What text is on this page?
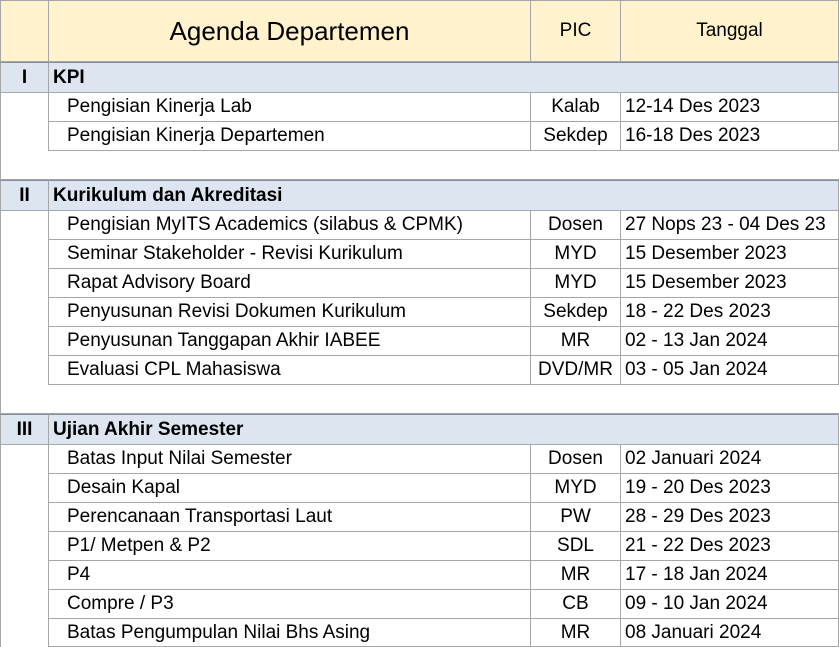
Agenda Departemen	PIC	Tanggal
I	KPI
Pengisian Kinerja Lab	Kalab	12-14 Des 2023
Pengisian Kinerja Departemen	Sekdep 16-18 Des 2023
II	Kurikulum dan Akreditasi
Pengisian MyITS Academics (silabus & CPMK)	Dosen	27 Nops 23 - 04 Des 23
Seminar Stakeholder - Revisi Kurikulum	MYD	15 Desember 2023
Rapat Advisory Board	MYD	15 Desember 2023
Penyusunan Revisi Dokumen Kurikulum	Sekdep 18 - 22 Des 2023
Penyusunan Tanggapan Akhir IABEE	MR	02 - 13 Jan 2024
Evaluasi CPL Mahasiswa	DVD/MR 03 - 05 Jan 2024
III	Ujian Akhir Semester
Batas Input Nilai Semester	Dosen	02 Januari 2024
Desain Kapal	MYD	19 - 20 Des 2023
Perencanaan Transportasi Laut	PW	28 - 29 Des 2023
P1/ Metpen & P2	SDL	21 - 22 Des 2023
P4	MR	17 - 18 Jan 2024
Compre / P3	CB	09 - 10 Jan 2024
Batas Pengumpulan Nilai Bhs Asing	MR	08 Januari 2024
